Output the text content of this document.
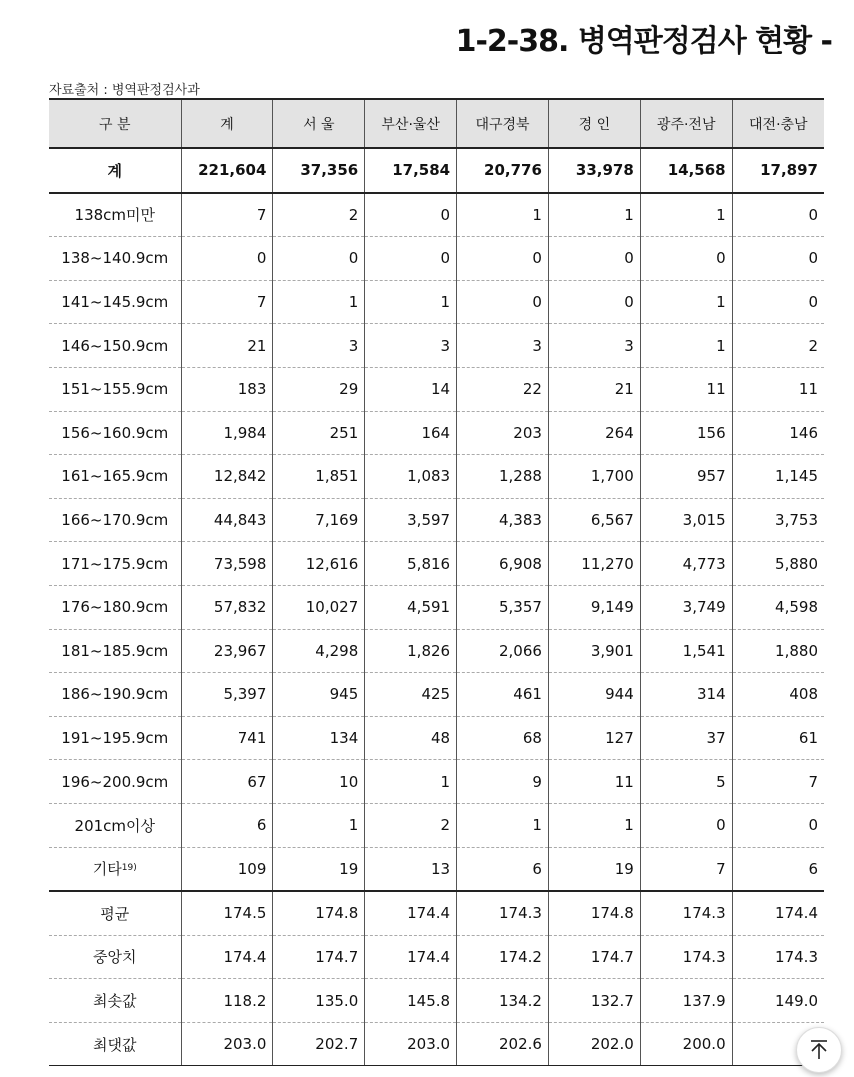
1-2-38. 병역판정검사 현황 -
자료출처 : 병역판정검사과
구 분	계	서 울	부산·울산	대구경북	경 인	광주·전남	대전·충남
계	221,604	37,356	17,584	20,776	33,978	14,568	17,897
138cm미만	7	2	0	1	1	1	0
138~140.9cm	0	0	0	0	0	0	0
141~145.9cm	7	1	1	0	0	1	0
146~150.9cm	21	3	3	3	3	1	2
151~155.9cm	183	29	14	22	21	11	11
156~160.9cm	1,984	251	164	203	264	156	146
161~165.9cm	12,842	1,851	1,083	1,288	1,700	957	1,145
166~170.9cm	44,843	7,169	3,597	4,383	6,567	3,015	3,753
171~175.9cm	73,598	12,616	5,816	6,908	11,270	4,773	5,880
176~180.9cm	57,832	10,027	4,591	5,357	9,149	3,749	4,598
181~185.9cm	23,967	4,298	1,826	2,066	3,901	1,541	1,880
186~190.9cm	5,397	945	425	461	944	314	408
191~195.9cm	741	134	48	68	127	37	61
196~200.9cm	67	10	1	9	11	5	7
201cm이상	6	1	2	1	1	0	0
기타$^{19)}$	109	19	13	6	19	7	6
평균	174.5	174.8	174.4	174.3	174.8	174.3	174.4
중앙치	174.4	174.7	174.4	174.2	174.7	174.3	174.3
최솟값	118.2	135.0	145.8	134.2	132.7	137.9	149.0
최댓값	203.0	202.7	203.0	202.6	202.0	200.0	
